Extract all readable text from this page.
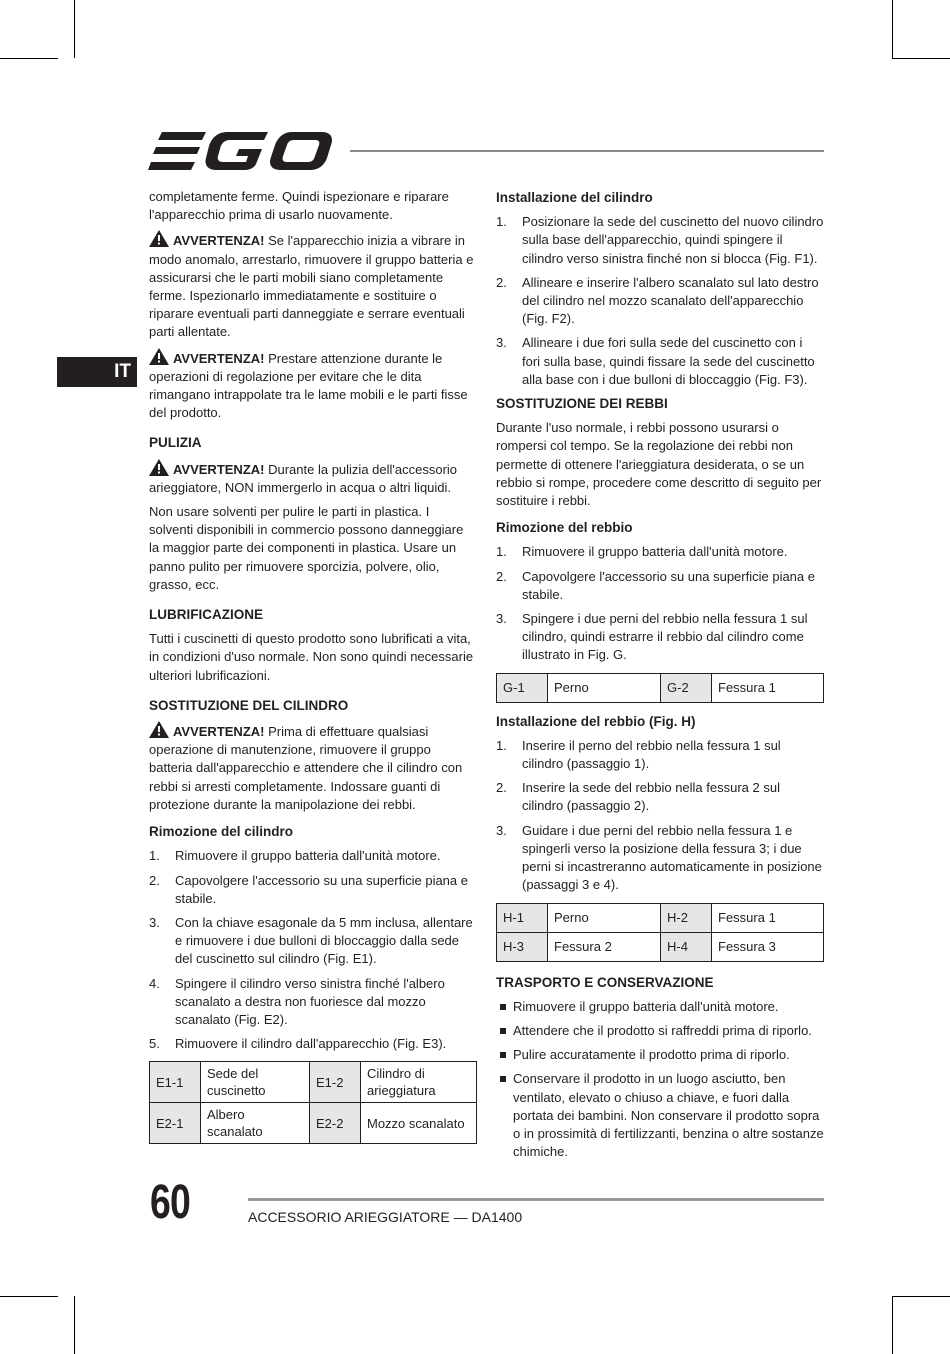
IT

completamente ferme. Quindi ispezionare e riparare l'apparecchio prima di usarlo nuovamente.

AVVERTENZA! Se l'apparecchio inizia a vibrare in modo anomalo, arrestarlo, rimuovere il gruppo batteria e assicurarsi che le parti mobili siano completamente ferme. Ispezionarlo immediatamente e sostituire o riparare eventuali parti danneggiate e serrare eventuali parti allentate.

AVVERTENZA! Prestare attenzione durante le operazioni di regolazione per evitare che le dita rimangano intrappolate tra le lame mobili e le parti fisse del prodotto.

PULIZIA

AVVERTENZA! Durante la pulizia dell'accessorio arieggiatore, NON immergerlo in acqua o altri liquidi.

Non usare solventi per pulire le parti in plastica. I solventi disponibili in commercio possono danneggiare la maggior parte dei componenti in plastica. Usare un panno pulito per rimuovere sporcizia, polvere, olio, grasso, ecc.

LUBRIFICAZIONE

Tutti i cuscinetti di questo prodotto sono lubrificati a vita, in condizioni d'uso normale. Non sono quindi necessarie ulteriori lubrificazioni.

SOSTITUZIONE DEL CILINDRO

AVVERTENZA! Prima di effettuare qualsiasi operazione di manutenzione, rimuovere il gruppo batteria dall'apparecchio e attendere che il cilindro con rebbi si arresti completamente. Indossare guanti di protezione durante la manipolazione dei rebbi.

Rimozione del cilindro
1. Rimuovere il gruppo batteria dall'unità motore.
2. Capovolgere l'accessorio su una superficie piana e stabile.
3. Con la chiave esagonale da 5 mm inclusa, allentare e rimuovere i due bulloni di bloccaggio dalla sede del cuscinetto sul cilindro (Fig. E1).
4. Spingere il cilindro verso sinistra finché l'albero scanalato a destra non fuoriesce dal mozzo scanalato (Fig. E2).
5. Rimuovere il cilindro dall'apparecchio (Fig. E3).
E1-1	Sede del cuscinetto	E1-2	Cilindro di arieggiatura
E2-1	Albero scanalato	E2-2	Mozzo scanalato
Installazione del cilindro
1. Posizionare la sede del cuscinetto del nuovo cilindro sulla base dell'apparecchio, quindi spingere il cilindro verso sinistra finché non si blocca (Fig. F1).
2. Allineare e inserire l'albero scanalato sul lato destro del cilindro nel mozzo scanalato dell'apparecchio (Fig. F2).
3. Allineare i due fori sulla sede del cuscinetto con i fori sulla base, quindi fissare la sede del cuscinetto alla base con i due bulloni di bloccaggio (Fig. F3).
SOSTITUZIONE DEI REBBI

Durante l'uso normale, i rebbi possono usurarsi o rompersi col tempo. Se la regolazione dei rebbi non permette di ottenere l'arieggiatura desiderata, o se un rebbio si rompe, procedere come descritto di seguito per sostituire i rebbi.

Rimozione del rebbio
1. Rimuovere il gruppo batteria dall'unità motore.
2. Capovolgere l'accessorio su una superficie piana e stabile.
3. Spingere i due perni del rebbio nella fessura 1 sul cilindro, quindi estrarre il rebbio dal cilindro come illustrato in Fig. G.
G-1	Perno	G-2	Fessura 1
Installazione del rebbio (Fig. H)
1. Inserire il perno del rebbio nella fessura 1 sul cilindro (passaggio 1).
2. Inserire la sede del rebbio nella fessura 2 sul cilindro (passaggio 2).
3. Guidare i due perni del rebbio nella fessura 1 e spingerli verso la posizione della fessura 3; i due perni si incastreranno automaticamente in posizione (passaggi 3 e 4).
H-1	Perno	H-2	Fessura 1
H-3	Fessura 2	H-4	Fessura 3
TRASPORTO E CONSERVAZIONE
Rimuovere il gruppo batteria dall'unità motore.
Attendere che il prodotto si raffreddi prima di riporlo.
Pulire accuratamente il prodotto prima di riporlo.
Conservare il prodotto in un luogo asciutto, ben ventilato, elevato o chiuso a chiave, e fuori dalla portata dei bambini. Non conservare il prodotto sopra o in prossimità di fertilizzanti, benzina o altre sostanze chimiche.
60	ACCESSORIO ARIEGGIATORE — DA1400
